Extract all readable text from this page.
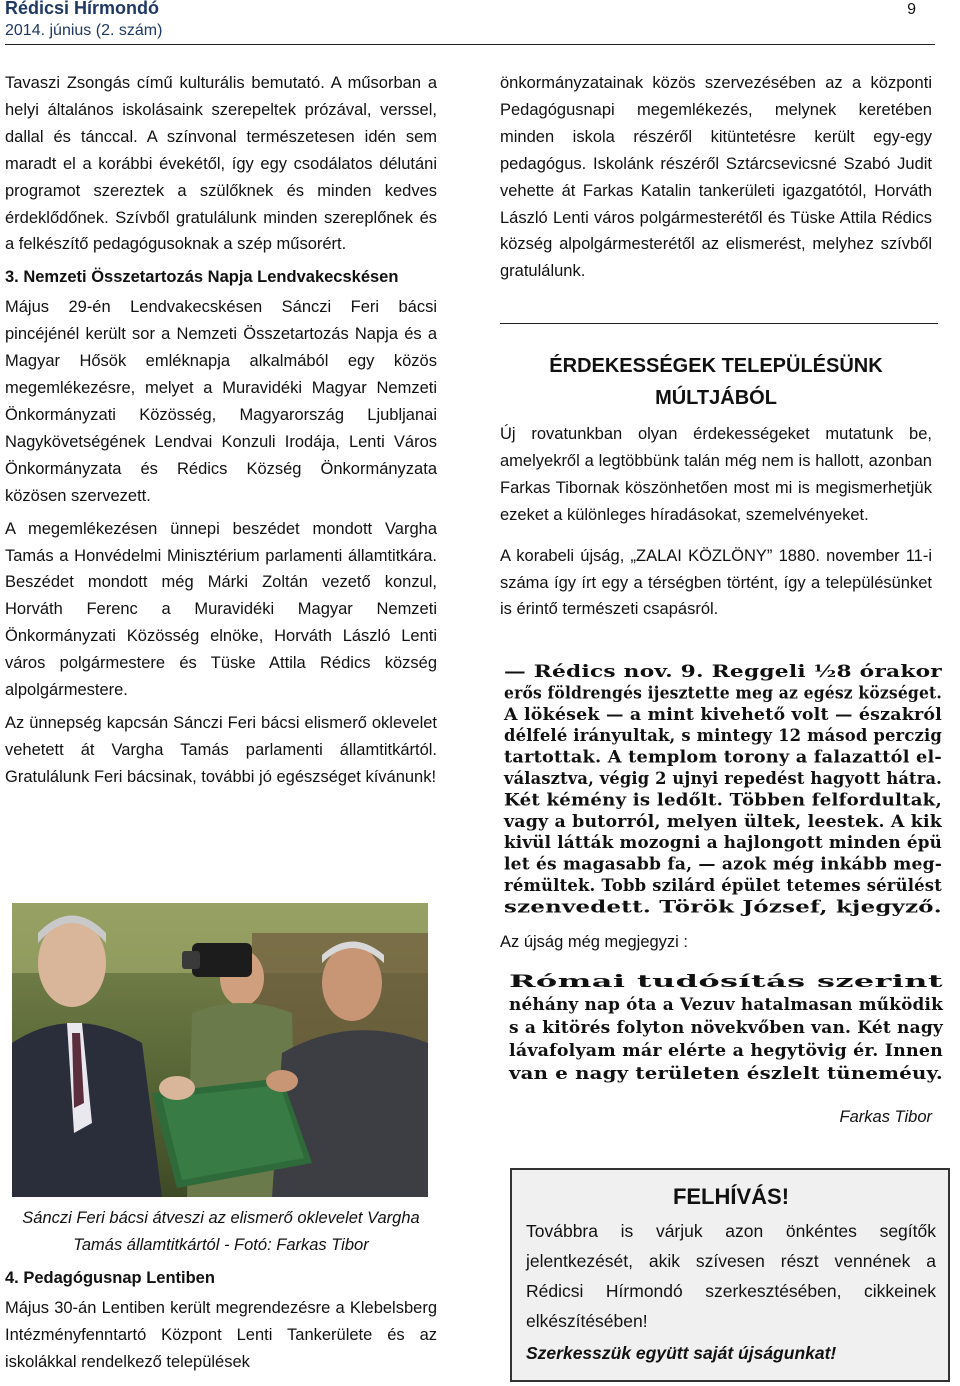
Rédicsi Hírmondó
2014. június (2. szám)
9

Tavaszi Zsongás című kulturális bemutató. A műsorban a helyi általános iskolásaink szerepeltek prózával, verssel, dallal és tánccal. A színvonal természetesen idén sem maradt el a korábbi évekétől, így egy csodálatos délutáni programot szereztek a szülőknek és minden kedves érdeklődőnek. Szívből gratulálunk minden szereplőnek és a felkészítő pedagógusoknak a szép műsorért.

3. Nemzeti Összetartozás Napja Lendvakecskésen

Május 29-én Lendvakecskésen Sánczi Feri bácsi pincéjénél került sor a Nemzeti Összetartozás Napja és a Magyar Hősök emléknapja alkalmából egy közös megemlékezésre, melyet a Muravidéki Magyar Nemzeti Önkormányzati Közösség, Magyarország Ljubljanai Nagykövetségének Lendvai Konzuli Irodája, Lenti Város Önkormányzata és Rédics Község Önkormányzata közösen szervezett.

A megemlékezésen ünnepi beszédet mondott Vargha Tamás a Honvédelmi Minisztérium parlamenti államtitkára. Beszédet mondott még Márki Zoltán vezető konzul, Horváth Ferenc a Muravidéki Magyar Nemzeti Önkormányzati Közösség elnöke, Horváth László Lenti város polgármestere és Tüske Attila Rédics község alpolgármestere.

Az ünnepség kapcsán Sánczi Feri bácsi elismerő oklevelet vehetett át Vargha Tamás parlamenti államtitkártól. Gratulálunk Feri bácsinak, további jó egészséget kívánunk!

Sánczi Feri bácsi átveszi az elismerő oklevelet Vargha Tamás államtitkártól - Fotó: Farkas Tibor
4. Pedagógusnap Lentiben

Május 30-án Lentiben került megrendezésre a Klebelsberg Intézményfenntartó Központ Lenti Tankerülete és az iskolákkal rendelkező települések

önkormányzatainak közös szervezésében az a központi Pedagógusnapi megemlékezés, melynek keretében minden iskola részéről kitüntetésre került egy-egy pedagógus. Iskolánk részéről Sztárcsevicsné Szabó Judit vehette át Farkas Katalin tankerületi igazgatótól, Horváth László Lenti város polgármesterétől és Tüske Attila Rédics község alpolgármesterétől az elismerést, melyhez szívből gratulálunk.

ÉRDEKESSÉGEK TELEPÜLÉSÜNK
MÚLTJÁBÓL

Új rovatunkban olyan érdekességeket mutatunk be, amelyekről a legtöbbünk talán még nem is hallott, azonban Farkas Tibornak köszönhetően most mi is megismerhetjük ezeket a különleges híradásokat, szemelvényeket.

A korabeli újság, „ZALAI KÖZLÖNY” 1880. november 11-i száma így írt egy a térségben történt, így a településünket is érintő természeti csapásról.

— Rédics nov. 9. Reggeli ½8 órakor
erős földrengés ijesztette meg az egész községet.
A lökések — a mint kivehető volt — északról
délfelé irányultak, s mintegy 12 másod perczig
tartottak. A templom torony a falazattól el-
választva, végig 2 ujnyi repedést hagyott hátra.
Két kémény is ledőlt. Többen felfordultak,
vagy a butorról, melyen ültek, leestek. A kik
kivül látták mozogni a hajlongott minden épü
let és magasabb fa, — azok még inkább meg-
rémültek. Tobb szilárd épület tetemes sérülést
szenvedett. Török József, kjegyző.
Az újság még megjegyzi :
Római tudósítás szerint
néhány nap óta a Vezuv hatalmasan működik
s a kitörés folyton növekvőben van. Két nagy
lávafolyam már elérte a hegytövig ér. Innen
van e nagy területen észlelt tüneméuy.
Farkas Tibor
FELHÍVÁS!
Továbbra is várjuk azon önkéntes segítők jelentkezését, akik szívesen részt vennének a Rédicsi Hírmondó szerkesztésében, cikkeinek elkészítésében!
Szerkesszük együtt saját újságunkat!
